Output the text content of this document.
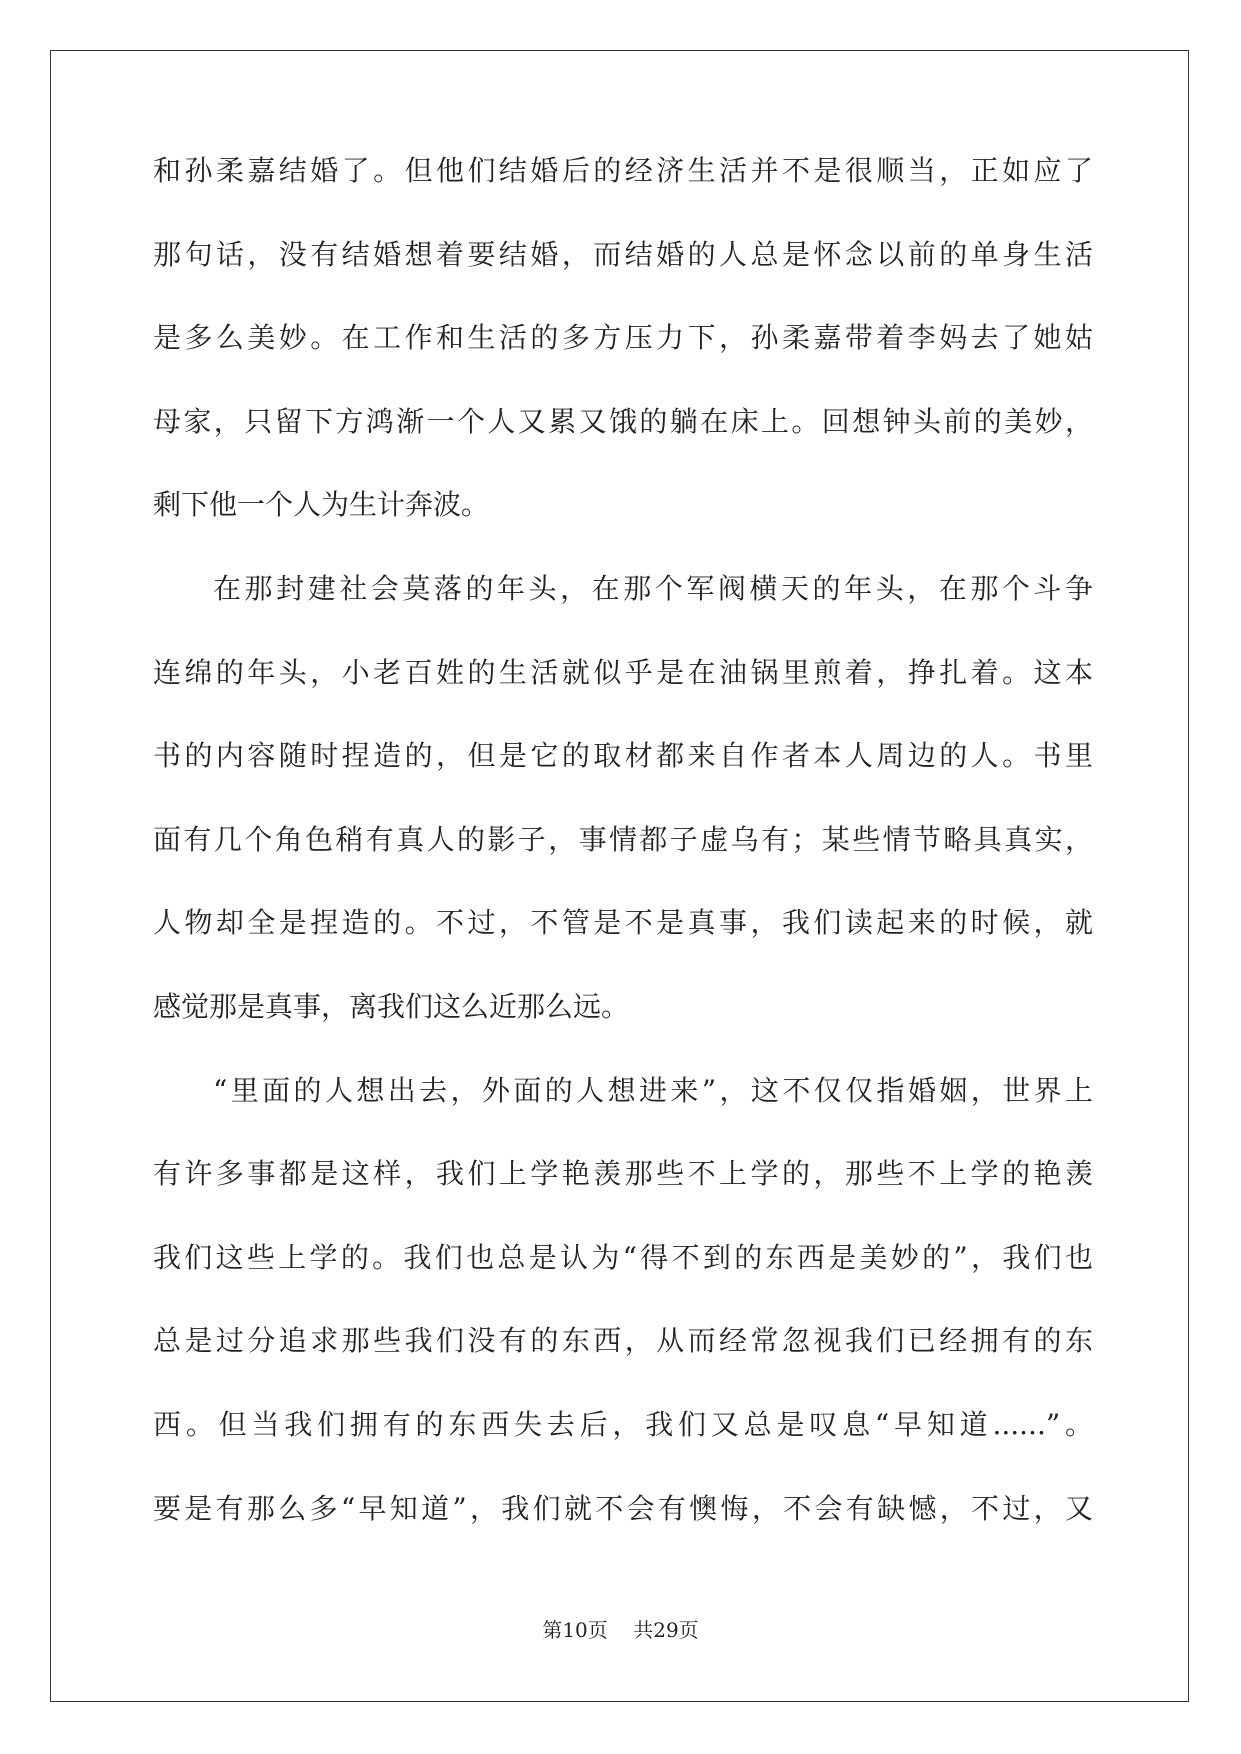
和孙柔嘉结婚了。但他们结婚后的经济生活并不是很顺当，正如应了
那句话，没有结婚想着要结婚，而结婚的人总是怀念以前的单身生活
是多么美妙。在工作和生活的多方压力下，孙柔嘉带着李妈去了她姑
母家，只留下方鸿渐一个人又累又饿的躺在床上。回想钟头前的美妙，
剩下他一个人为生计奔波。
在那封建社会莫落的年头，在那个军阀横天的年头，在那个斗争
连绵的年头，小老百姓的生活就似乎是在油锅里煎着，挣扎着。这本
书的内容随时捏造的，但是它的取材都来自作者本人周边的人。书里
面有几个角色稍有真人的影子，事情都子虚乌有；某些情节略具真实，
人物却全是捏造的。不过，不管是不是真事，我们读起来的时候，就
感觉那是真事，离我们这么近那么远。
“里面的人想出去，外面的人想进来”，这不仅仅指婚姻，世界上
有许多事都是这样，我们上学艳羡那些不上学的，那些不上学的艳羡
我们这些上学的。我们也总是认为“得不到的东西是美妙的”，我们也
总是过分追求那些我们没有的东西，从而经常忽视我们已经拥有的东
西。但当我们拥有的东西失去后，我们又总是叹息“早知道......”。
要是有那么多“早知道”，我们就不会有懊悔，不会有缺憾，不过，又
第10页 共29页
